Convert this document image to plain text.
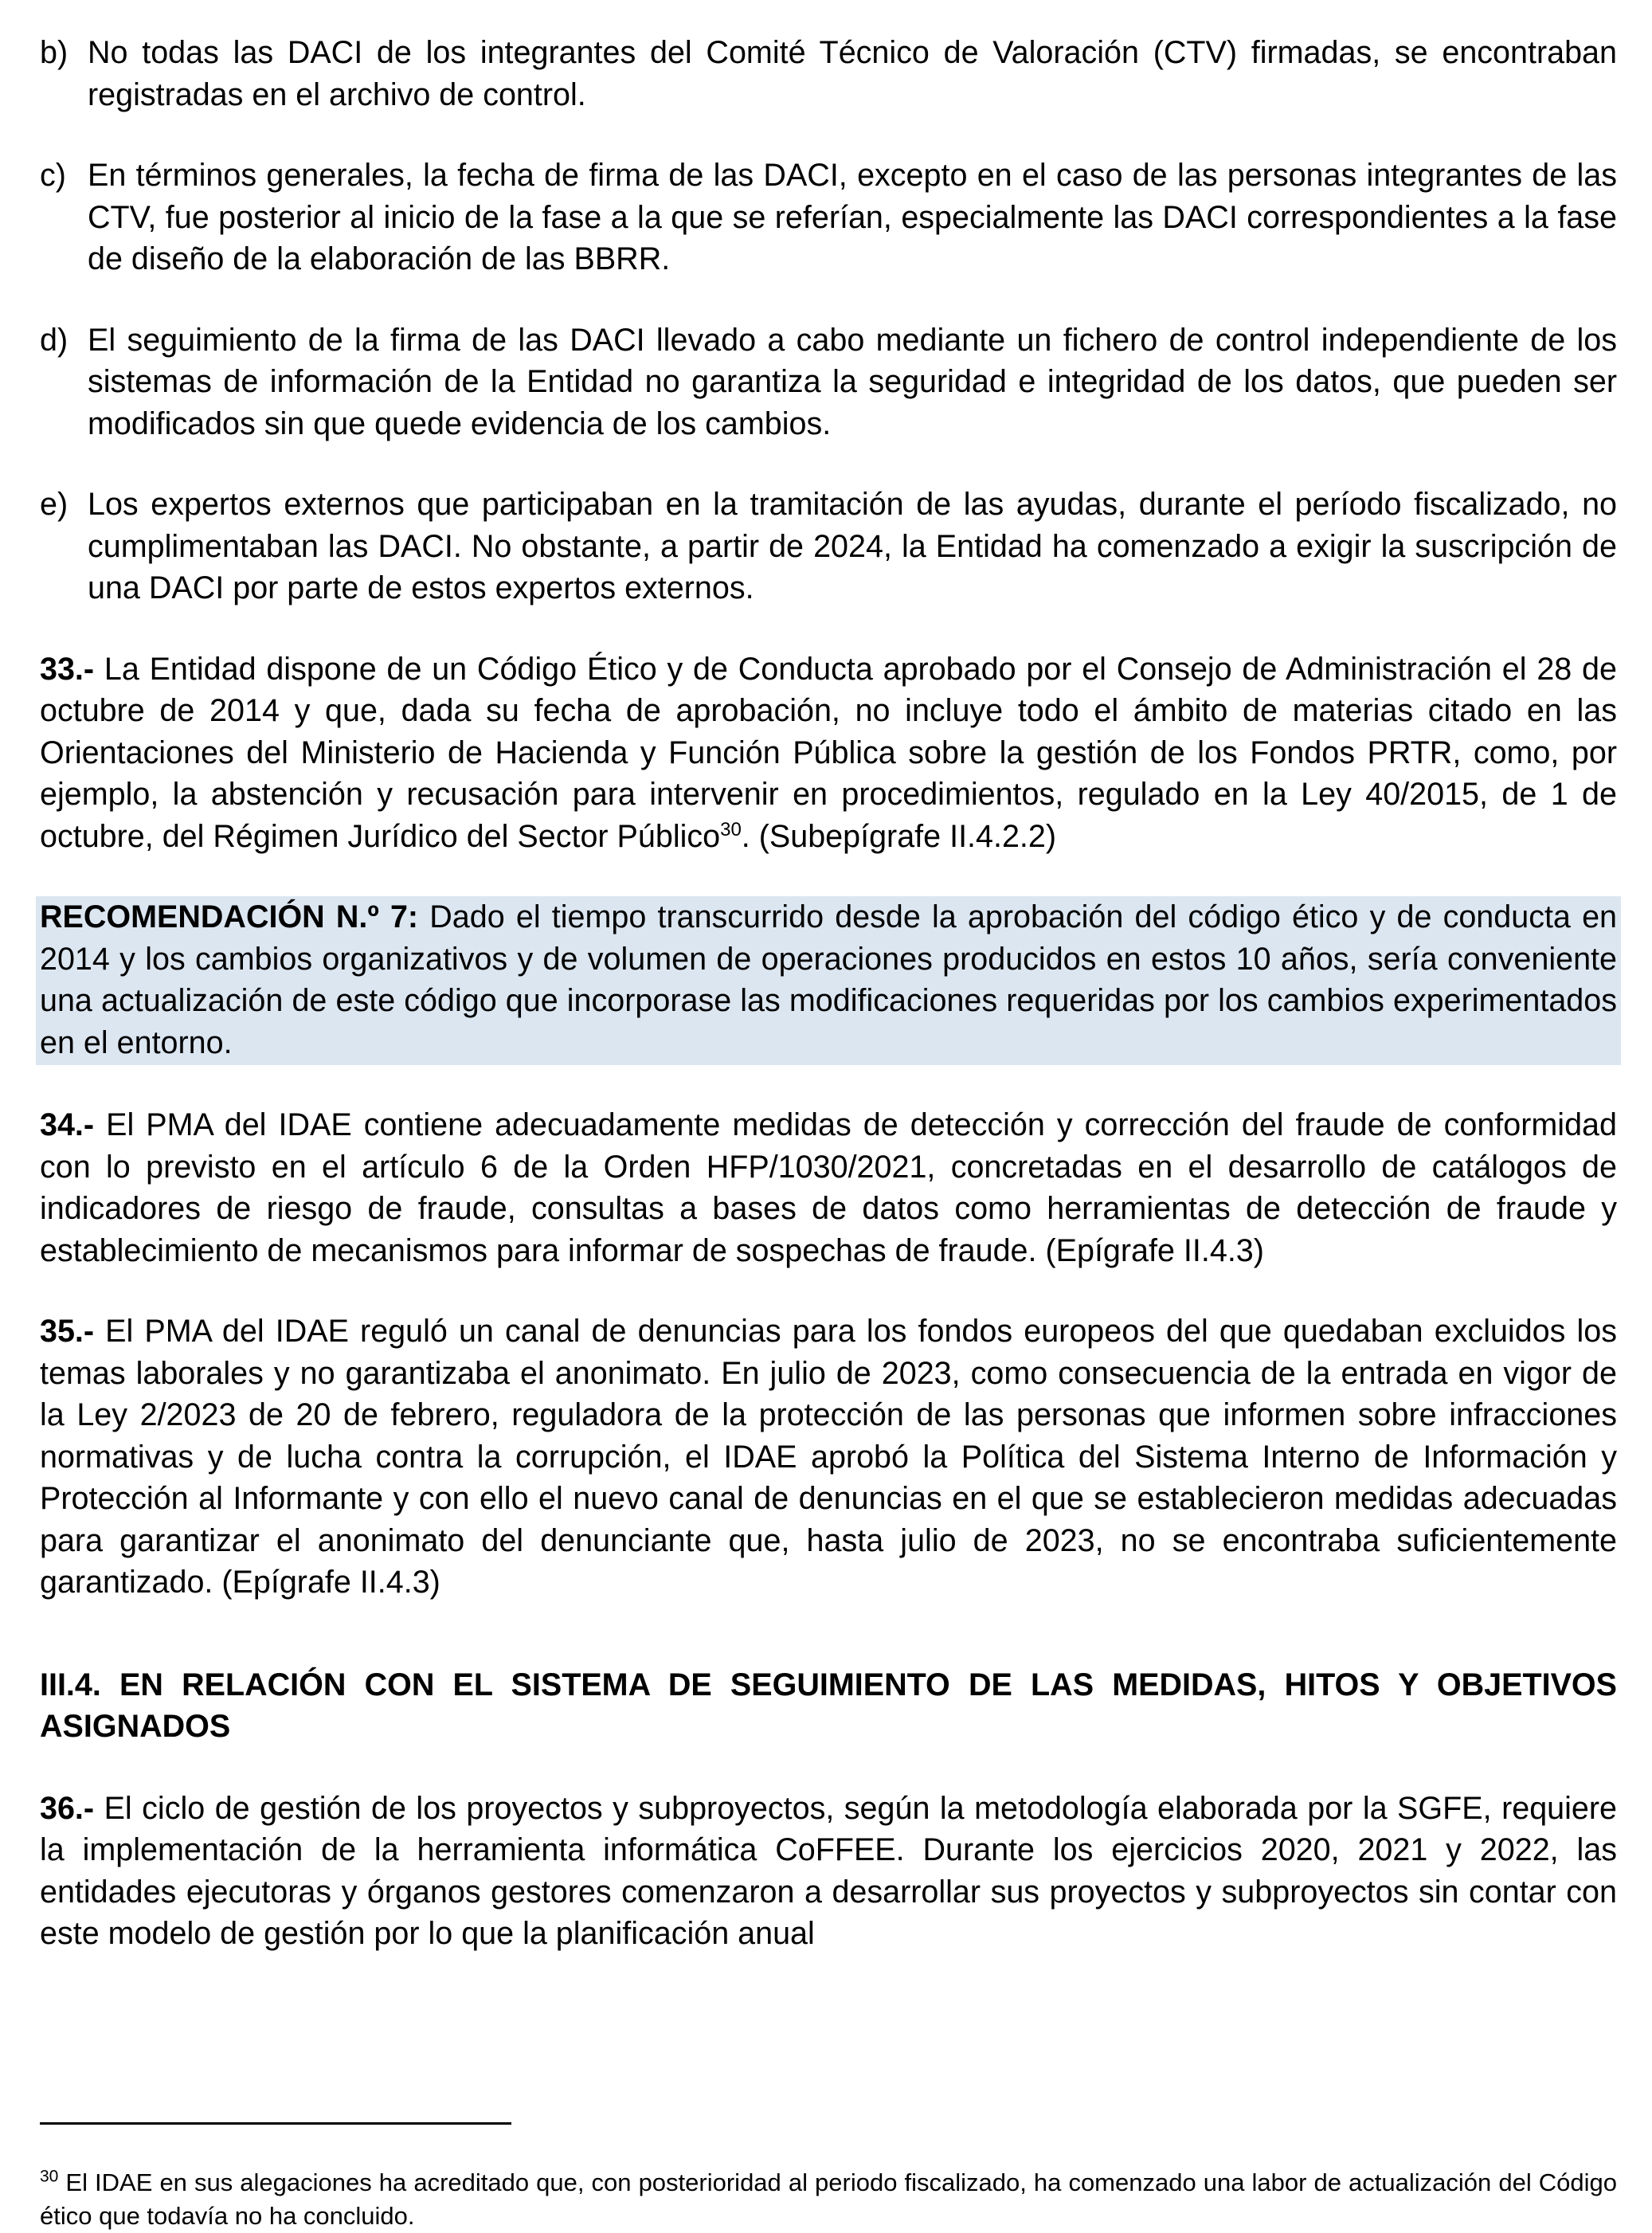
b) No todas las DACI de los integrantes del Comité Técnico de Valoración (CTV) firmadas, se encontraban registradas en el archivo de control.

c) En términos generales, la fecha de firma de las DACI, excepto en el caso de las personas integrantes de las CTV, fue posterior al inicio de la fase a la que se referían, especialmente las DACI correspondientes a la fase de diseño de la elaboración de las BBRR.

d) El seguimiento de la firma de las DACI llevado a cabo mediante un fichero de control independiente de los sistemas de información de la Entidad no garantiza la seguridad e integridad de los datos, que pueden ser modificados sin que quede evidencia de los cambios.

e) Los expertos externos que participaban en la tramitación de las ayudas, durante el período fiscalizado, no cumplimentaban las DACI. No obstante, a partir de 2024, la Entidad ha comenzado a exigir la suscripción de una DACI por parte de estos expertos externos.

33.- La Entidad dispone de un Código Ético y de Conducta aprobado por el Consejo de Administración el 28 de octubre de 2014 y que, dada su fecha de aprobación, no incluye todo el ámbito de materias citado en las Orientaciones del Ministerio de Hacienda y Función Pública sobre la gestión de los Fondos PRTR, como, por ejemplo, la abstención y recusación para intervenir en procedimientos, regulado en la Ley 40/2015, de 1 de octubre, del Régimen Jurídico del Sector Público$^{30}$. (Subepígrafe II.4.2.2)

RECOMENDACIÓN N.º 7: Dado el tiempo transcurrido desde la aprobación del código ético y de conducta en 2014 y los cambios organizativos y de volumen de operaciones producidos en estos 10 años, sería conveniente una actualización de este código que incorporase las modificaciones requeridas por los cambios experimentados en el entorno.

34.- El PMA del IDAE contiene adecuadamente medidas de detección y corrección del fraude de conformidad con lo previsto en el artículo 6 de la Orden HFP/1030/2021, concretadas en el desarrollo de catálogos de indicadores de riesgo de fraude, consultas a bases de datos como herramientas de detección de fraude y establecimiento de mecanismos para informar de sospechas de fraude. (Epígrafe II.4.3)

35.- El PMA del IDAE reguló un canal de denuncias para los fondos europeos del que quedaban excluidos los temas laborales y no garantizaba el anonimato. En julio de 2023, como consecuencia de la entrada en vigor de la Ley 2/2023 de 20 de febrero, reguladora de la protección de las personas que informen sobre infracciones normativas y de lucha contra la corrupción, el IDAE aprobó la Política del Sistema Interno de Información y Protección al Informante y con ello el nuevo canal de denuncias en el que se establecieron medidas adecuadas para garantizar el anonimato del denunciante que, hasta julio de 2023, no se encontraba suficientemente garantizado. (Epígrafe II.4.3)

III.4. EN RELACIÓN CON EL SISTEMA DE SEGUIMIENTO DE LAS MEDIDAS, HITOS Y OBJETIVOS ASIGNADOS

36.- El ciclo de gestión de los proyectos y subproyectos, según la metodología elaborada por la SGFE, requiere la implementación de la herramienta informática CoFFEE. Durante los ejercicios 2020, 2021 y 2022, las entidades ejecutoras y órganos gestores comenzaron a desarrollar sus proyectos y subproyectos sin contar con este modelo de gestión por lo que la planificación anual

$^{30}$ El IDAE en sus alegaciones ha acreditado que, con posterioridad al periodo fiscalizado, ha comenzado una labor de actualización del Código ético que todavía no ha concluido.
